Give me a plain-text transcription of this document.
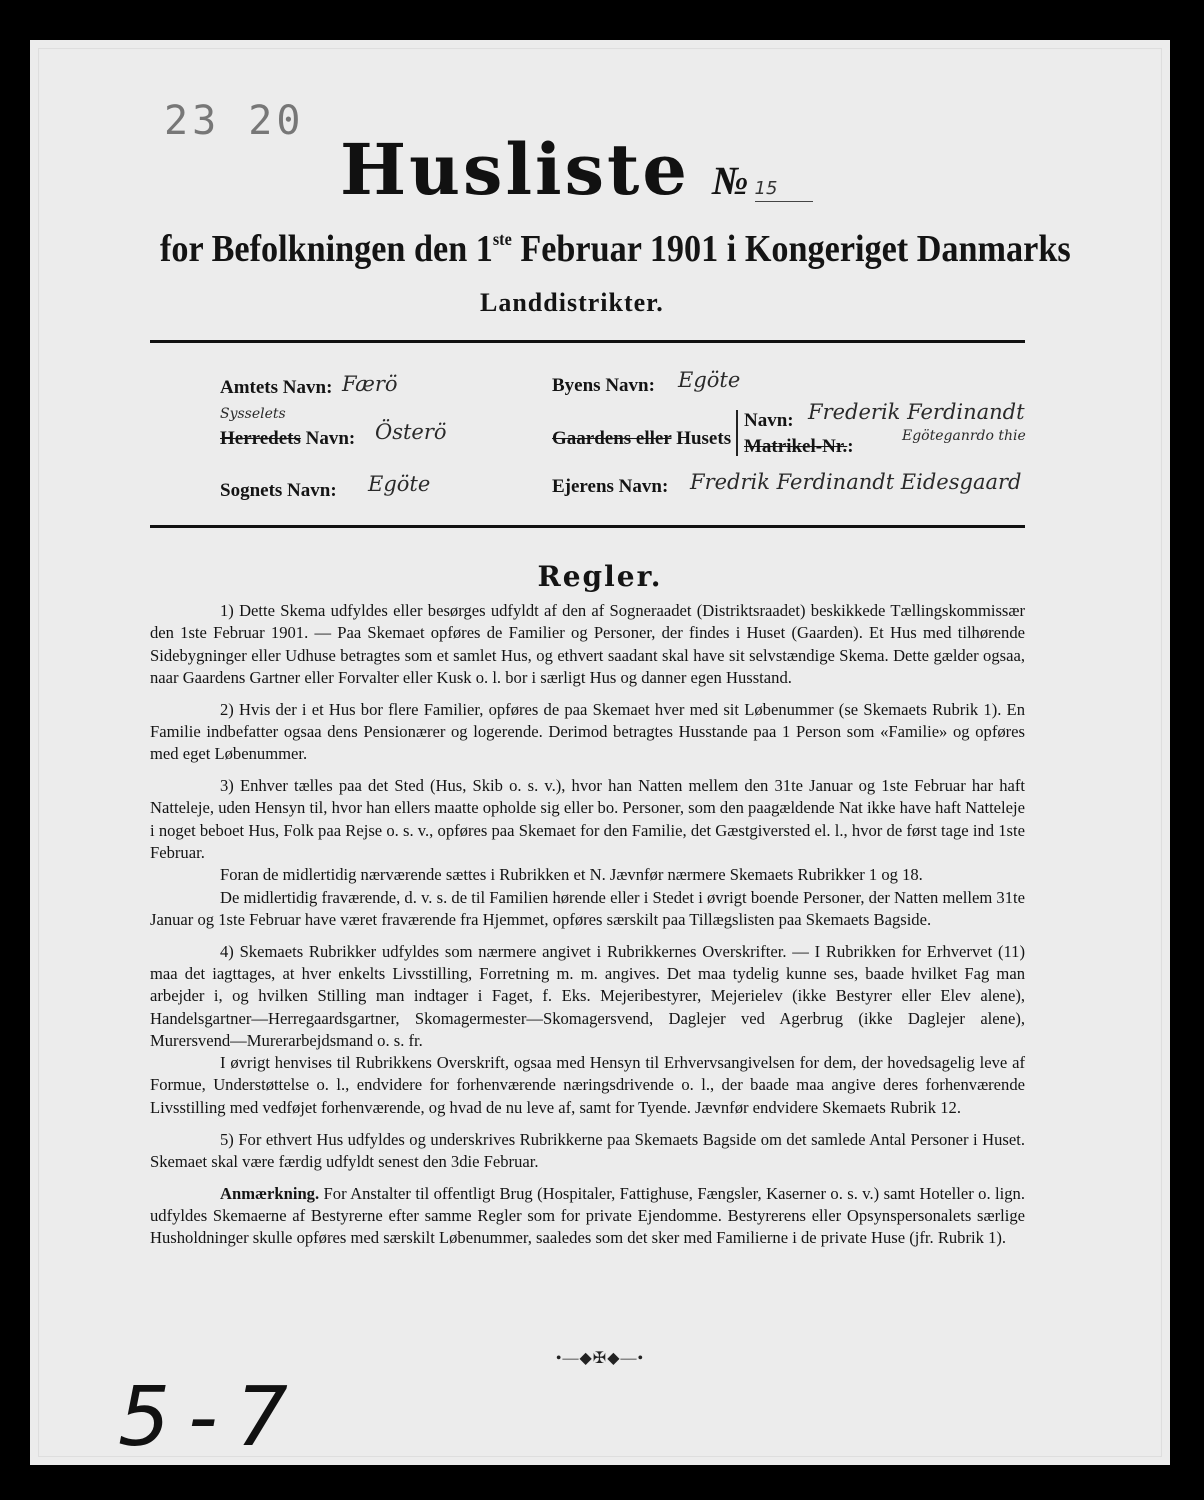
23 20
Husliste № 15
for Befolkningen den 1ste Februar 1901 i Kongeriget Danmarks
Landdistrikter.
Amtets Navn: Færö	Byens Navn: Egöte
Sysselets
Herredets Navn: Österö	Gaardens eller Husets
Navn: Frederik Ferdinandt
Matrikel-Nr.:	Egöteganrdo thie
Sognets Navn: Egöte	Ejerens Navn: Fredrik Ferdinandt Eidesgaard
Regler.

1) Dette Skema udfyldes eller besørges udfyldt af den af Sogneraadet (Distriktsraadet) beskikkede Tællingskommissær den 1ste Februar 1901. — Paa Skemaet opføres de Familier og Personer, der findes i Huset (Gaarden). Et Hus med tilhørende Sidebygninger eller Udhuse betragtes som et samlet Hus, og ethvert saadant skal have sit selvstændige Skema. Dette gælder ogsaa, naar Gaardens Gartner eller Forvalter eller Kusk o. l. bor i særligt Hus og danner egen Husstand.

2) Hvis der i et Hus bor flere Familier, opføres de paa Skemaet hver med sit Løbenummer (se Skemaets Rubrik 1). En Familie indbefatter ogsaa dens Pensionærer og logerende. Derimod betragtes Husstande paa 1 Person som «Familie» og opføres med eget Løbenummer.

3) Enhver tælles paa det Sted (Hus, Skib o. s. v.), hvor han Natten mellem den 31te Januar og 1ste Februar har haft Natteleje, uden Hensyn til, hvor han ellers maatte opholde sig eller bo. Personer, som den paagældende Nat ikke have haft Natteleje i noget beboet Hus, Folk paa Rejse o. s. v., opføres paa Skemaet for den Familie, det Gæstgiversted el. l., hvor de først tage ind 1ste Februar.

Foran de midlertidig nærværende sættes i Rubrikken et N. Jævnfør nærmere Skemaets Rubrikker 1 og 18.

De midlertidig fraværende, d. v. s. de til Familien hørende eller i Stedet i øvrigt boende Personer, der Natten mellem 31te Januar og 1ste Februar have været fraværende fra Hjemmet, opføres særskilt paa Tillægslisten paa Skemaets Bagside.

4) Skemaets Rubrikker udfyldes som nærmere angivet i Rubrikkernes Overskrifter. — I Rubrikken for Erhvervet (11) maa det iagttages, at hver enkelts Livsstilling, Forretning m. m. angives. Det maa tydelig kunne ses, baade hvilket Fag man arbejder i, og hvilken Stilling man indtager i Faget, f. Eks. Mejeribestyrer, Mejerielev (ikke Bestyrer eller Elev alene), Handelsgartner—Herregaardsgartner, Skomagermester—Skomagersvend, Daglejer ved Agerbrug (ikke Daglejer alene), Murersvend—Murerarbejdsmand o. s. fr.

I øvrigt henvises til Rubrikkens Overskrift, ogsaa med Hensyn til Erhvervsangivelsen for dem, der hovedsagelig leve af Formue, Understøttelse o. l., endvidere for forhenværende næringsdrivende o. l., der baade maa angive deres forhenværende Livsstilling med vedføjet forhenværende, og hvad de nu leve af, samt for Tyende. Jævnfør endvidere Skemaets Rubrik 12.

5) For ethvert Hus udfyldes og underskrives Rubrikkerne paa Skemaets Bagside om det samlede Antal Personer i Huset. Skemaet skal være færdig udfyldt senest den 3die Februar.

Anmærkning. For Anstalter til offentligt Brug (Hospitaler, Fattighuse, Fængsler, Kaserner o. s. v.) samt Hoteller o. lign. udfyldes Skemaerne af Bestyrerne efter samme Regler som for private Ejendomme. Bestyrerens eller Opsynspersonalets særlige Husholdninger skulle opføres med særskilt Løbenummer, saaledes som det sker med Familierne i de private Huse (jfr. Rubrik 1).

•—◆✠◆—•
5-7
